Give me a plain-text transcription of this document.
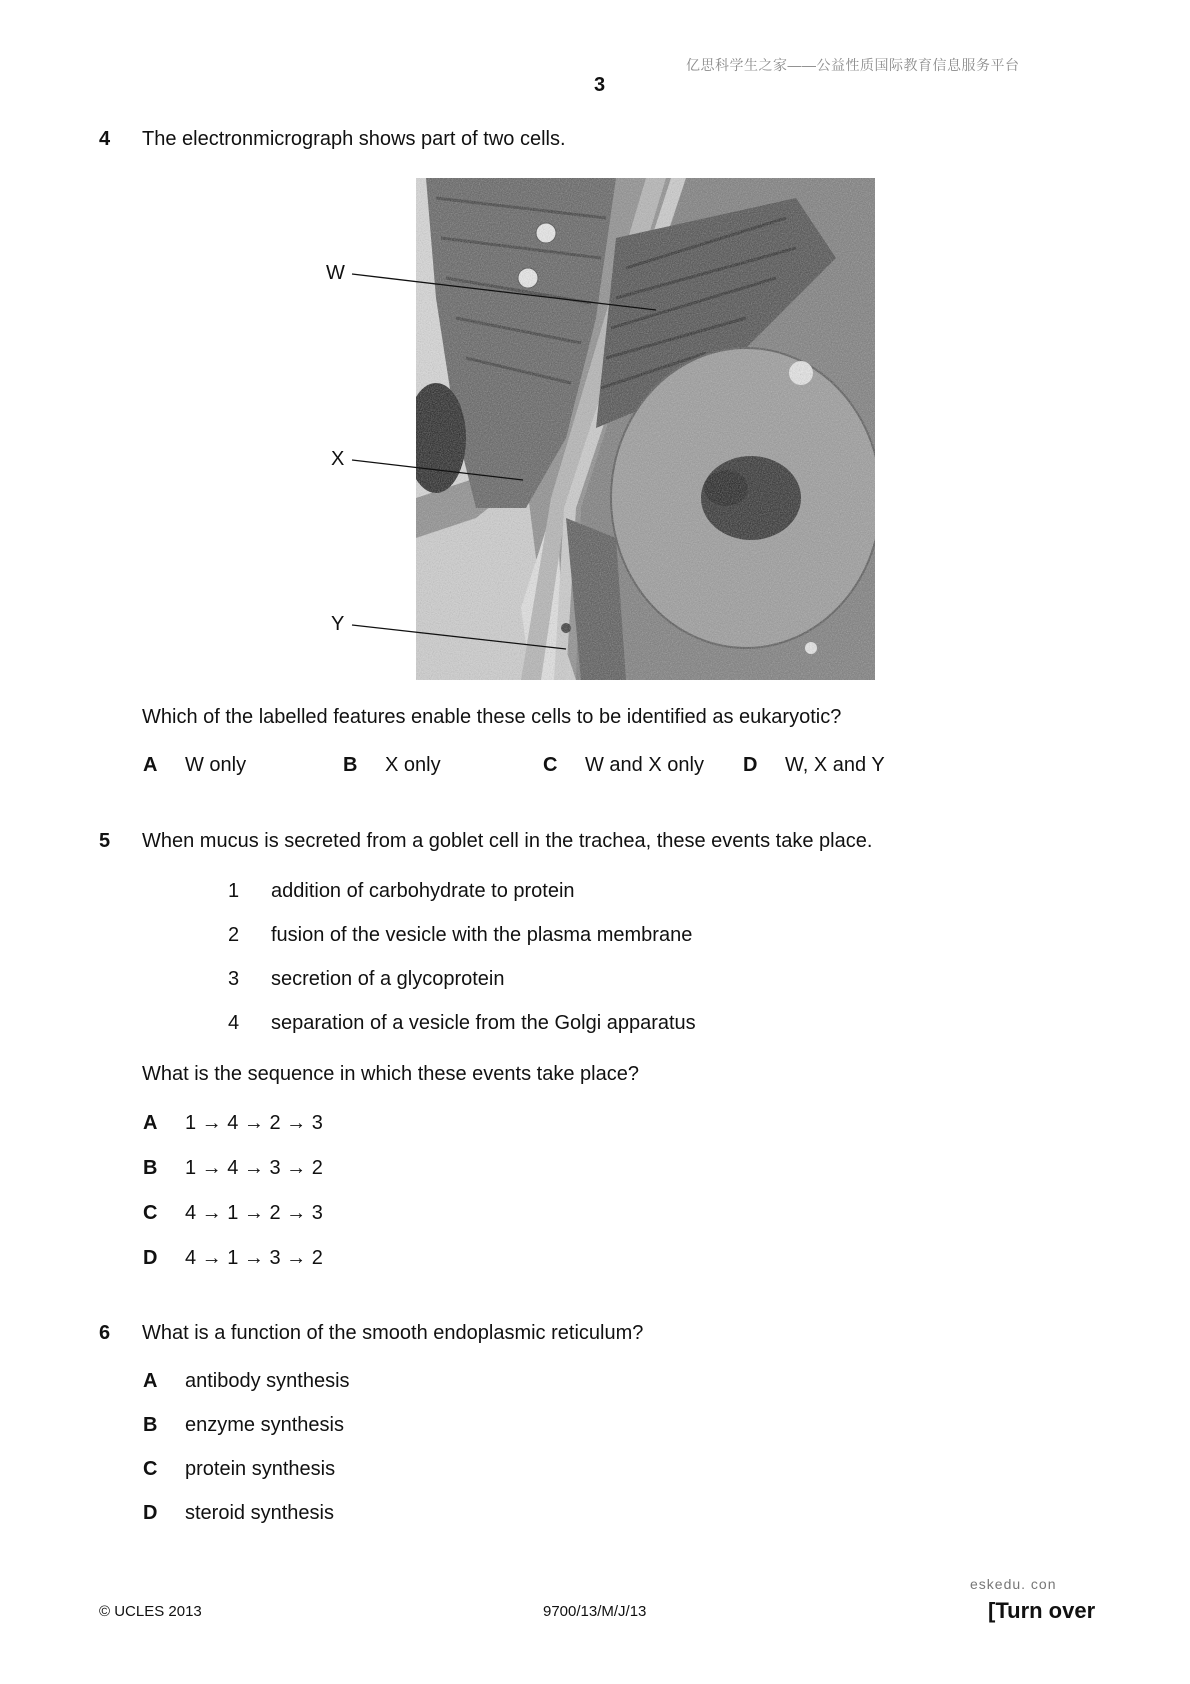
亿思科学生之家——公益性质国际教育信息服务平台
3
4 The electronmicrograph shows part of two cells.
W
X
Y
Which of the labelled features enable these cells to be identified as eukaryotic?
A W only	B X only	C W and X only D W, X and Y
5 When mucus is secreted from a goblet cell in the trachea, these events take place.
1 addition of carbohydrate to protein
2 fusion of the vesicle with the plasma membrane
3 secretion of a glycoprotein
4 separation of a vesicle from the Golgi apparatus
What is the sequence in which these events take place?
A 1 → 4 → 2 → 3
B 1 → 4 → 3 → 2
C 4 → 1 → 2 → 3
D 4 → 1 → 3 → 2
6 What is a function of the smooth endoplasmic reticulum?
A antibody synthesis
B enzyme synthesis
C protein synthesis
D steroid synthesis
eskedu. con
© UCLES 2013	9700/13/M/J/13	[Turn over
